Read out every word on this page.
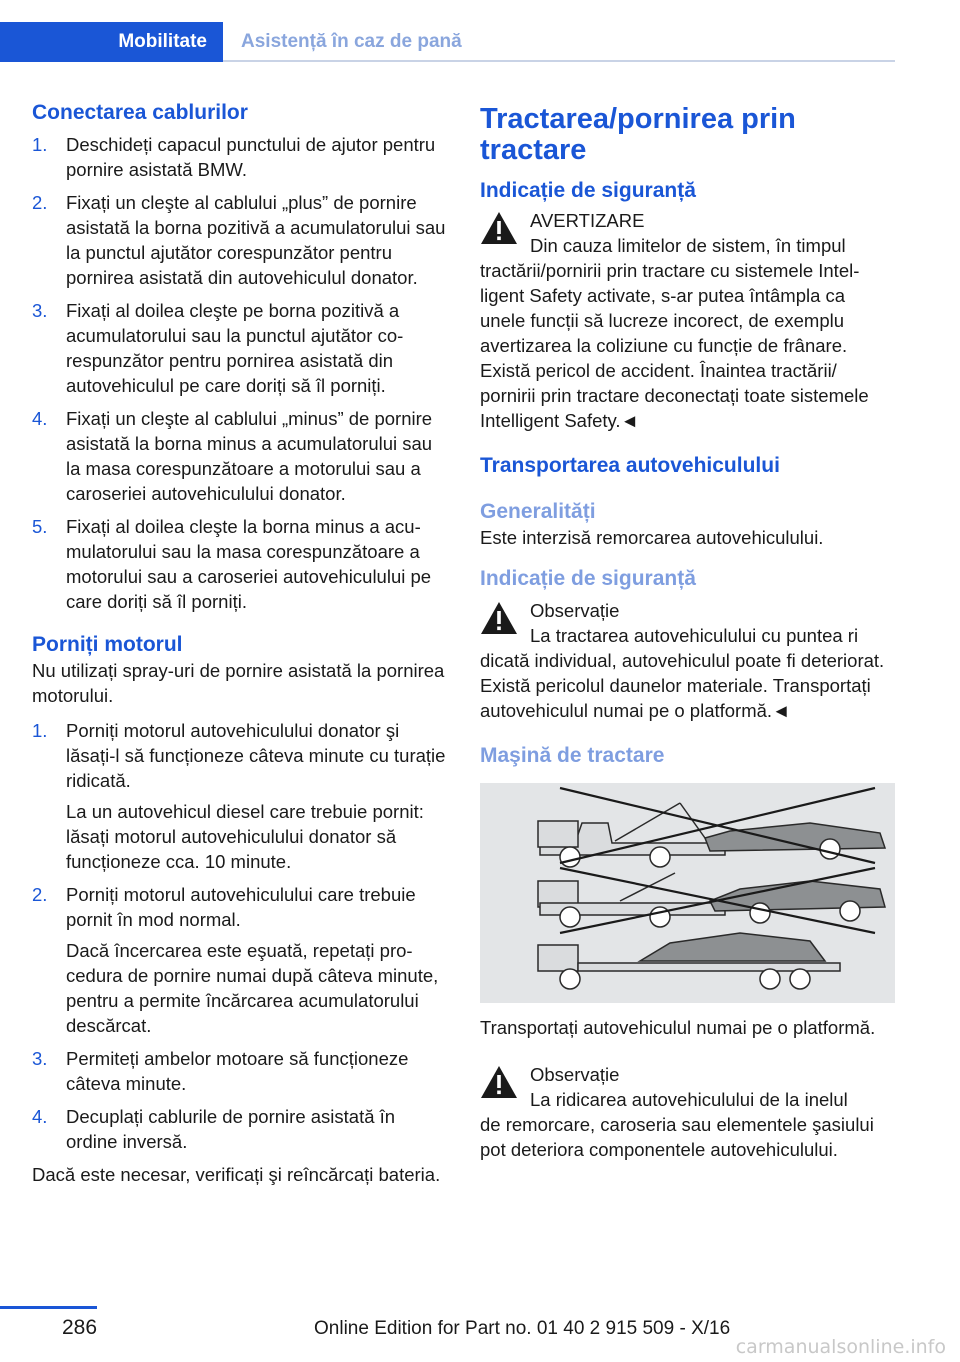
Mobilitate	Asistență în caz de pană
Conectarea cablurilor
1. Deschideți capacul punctului de ajutor pentru pornire asistată BMW.
2. Fixați un cleşte al cablului „plus” de pornire asistată la borna pozitivă a acumulatorului sau la punctul ajutător corespunzător pentru pornirea asistată din autovehiculul donator.
3. Fixați al doilea cleşte pe borna pozitivă a acumulatorului sau la punctul ajutător corespunzător pentru pornirea asistată din autovehiculul pe care doriți să îl porniți.
4. Fixați un cleşte al cablului „minus” de pornire asistată la borna minus a acumulatorului sau la masa corespunzătoare a motorului sau a caroseriei autovehiculului donator.
5. Fixați al doilea cleşte la borna minus a acumulatorului sau la masa corespunzătoare a motorului sau a caroseriei autovehiculului pe care doriți să îl porniți.
Porniți motorul

Nu utilizați spray-uri de pornire asistată la pornirea motorului.

1. Porniți motorul autovehiculului donator şi lăsați-l să funcționeze câteva minute cu turație ridicată.
La un autovehicul diesel care trebuie pornit: lăsați motorul autovehiculului donator să funcționeze cca. 10 minute.
2. Porniți motorul autovehiculului care trebuie pornit în mod normal.
Dacă încercarea este eşuată, repetați procedura de pornire numai după câteva minute, pentru a permite încărcarea acumulatorului descărcat.
3. Permiteți ambelor motoare să funcționeze câteva minute.
4. Decuplați cablurile de pornire asistată în ordine inversă.

Dacă este necesar, verificați şi reîncărcați bateria.

Tractarea/pornirea prin tractare
Indicație de siguranță
AVERTIZARE
Din cauza limitelor de sistem, în timpul
tractării/pornirii prin tractare cu sistemele Intelligent Safety activate, s-ar putea întâmpla ca unele funcții să lucreze incorect, de exemplu avertizarea la coliziune cu funcție de frânare. Există pericol de accident. Înaintea tractării/ pornirii prin tractare deconectați toate sistemele Intelligent Safety.◄
Transportarea autovehiculului
Generalități

Este interzisă remorcarea autovehiculului.

Indicație de siguranță
Observație
La tractarea autovehiculului cu puntea ri
dicată individual, autovehiculul poate fi deteriorat. Există pericolul daunelor materiale. Transportați autovehiculul numai pe o platformă.◄
Maşină de tractare

Transportați autovehiculul numai pe o platformă.

Observație
La ridicarea autovehiculului de la inelul
de remorcare, caroseria sau elementele şasiului pot deteriora componentele autovehiculului.
286	Online Edition for Part no. 01 40 2 915 509 - X/16
carmanualsonline.info
